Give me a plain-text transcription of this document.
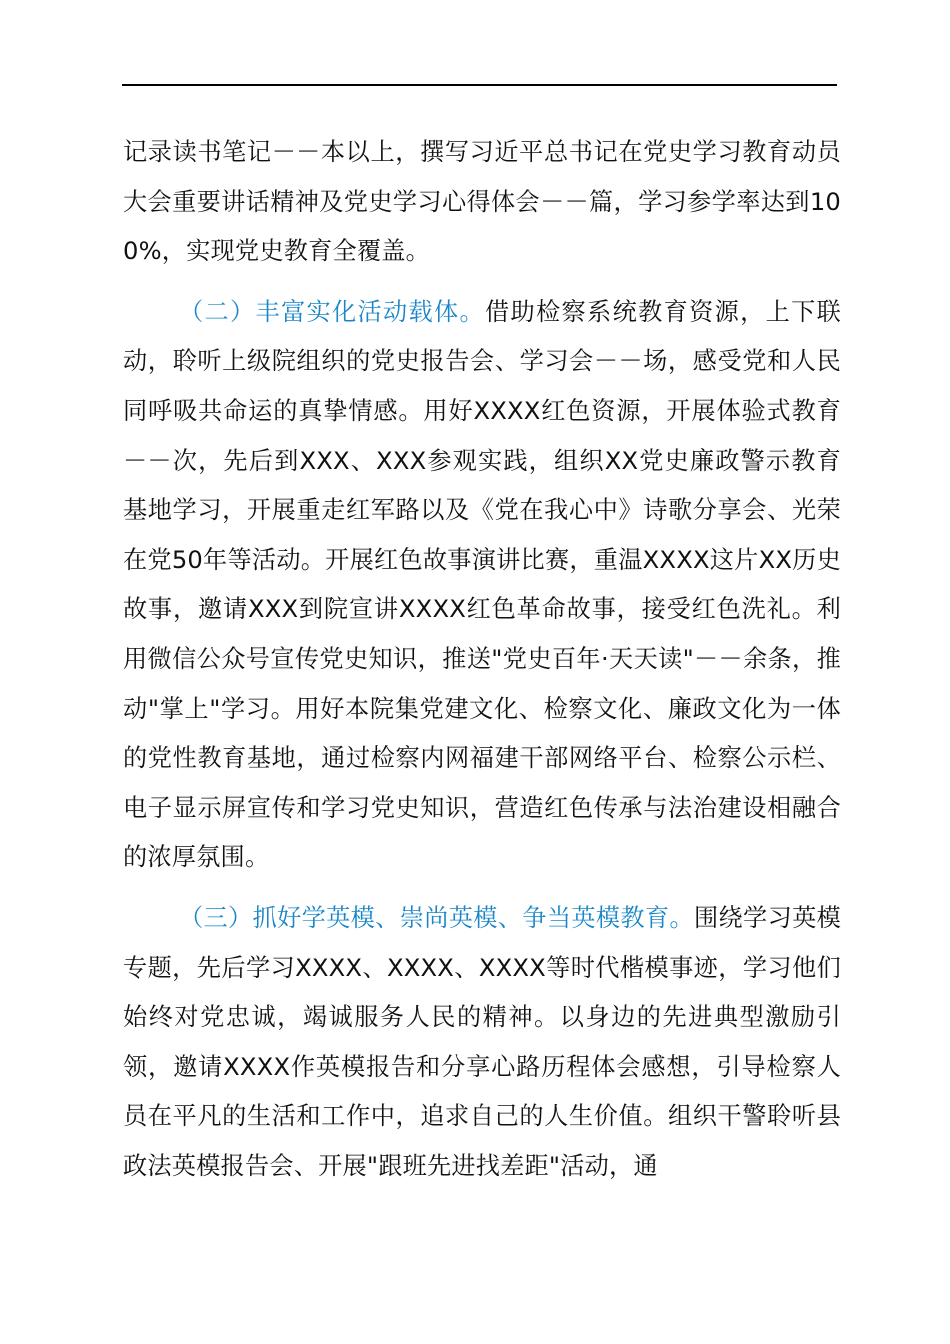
记录读书笔记－－本以上，撰写习近平总书记在党史学习教育动员大会重要讲话精神及党史学习心得体会－－篇，学习参学率达到100%，实现党史教育全覆盖。

（二）丰富实化活动载体。借助检察系统教育资源，上下联动，聆听上级院组织的党史报告会、学习会－－场，感受党和人民同呼吸共命运的真挚情感。用好XXXX红色资源，开展体验式教育－－次，先后到XXX、XXX参观实践，组织XX党史廉政警示教育基地学习，开展重走红军路以及《党在我心中》诗歌分享会、光荣在党50年等活动。开展红色故事演讲比赛，重温XXXX这片XX历史故事，邀请XXX到院宣讲XXXX红色革命故事，接受红色洗礼。利用微信公众号宣传党史知识，推送"党史百年·天天读"－－余条，推动"掌上"学习。用好本院集党建文化、检察文化、廉政文化为一体的党性教育基地，通过检察内网福建干部网络平台、检察公示栏、电子显示屏宣传和学习党史知识，营造红色传承与法治建设相融合的浓厚氛围。

（三）抓好学英模、崇尚英模、争当英模教育。围绕学习英模专题，先后学习XXXX、XXXX、XXXX等时代楷模事迹，学习他们始终对党忠诚，竭诚服务人民的精神。以身边的先进典型激励引领，邀请XXXX作英模报告和分享心路历程体会感想，引导检察人员在平凡的生活和工作中，追求自己的人生价值。组织干警聆听县政法英模报告会、开展"跟班先进找差距"活动，通
